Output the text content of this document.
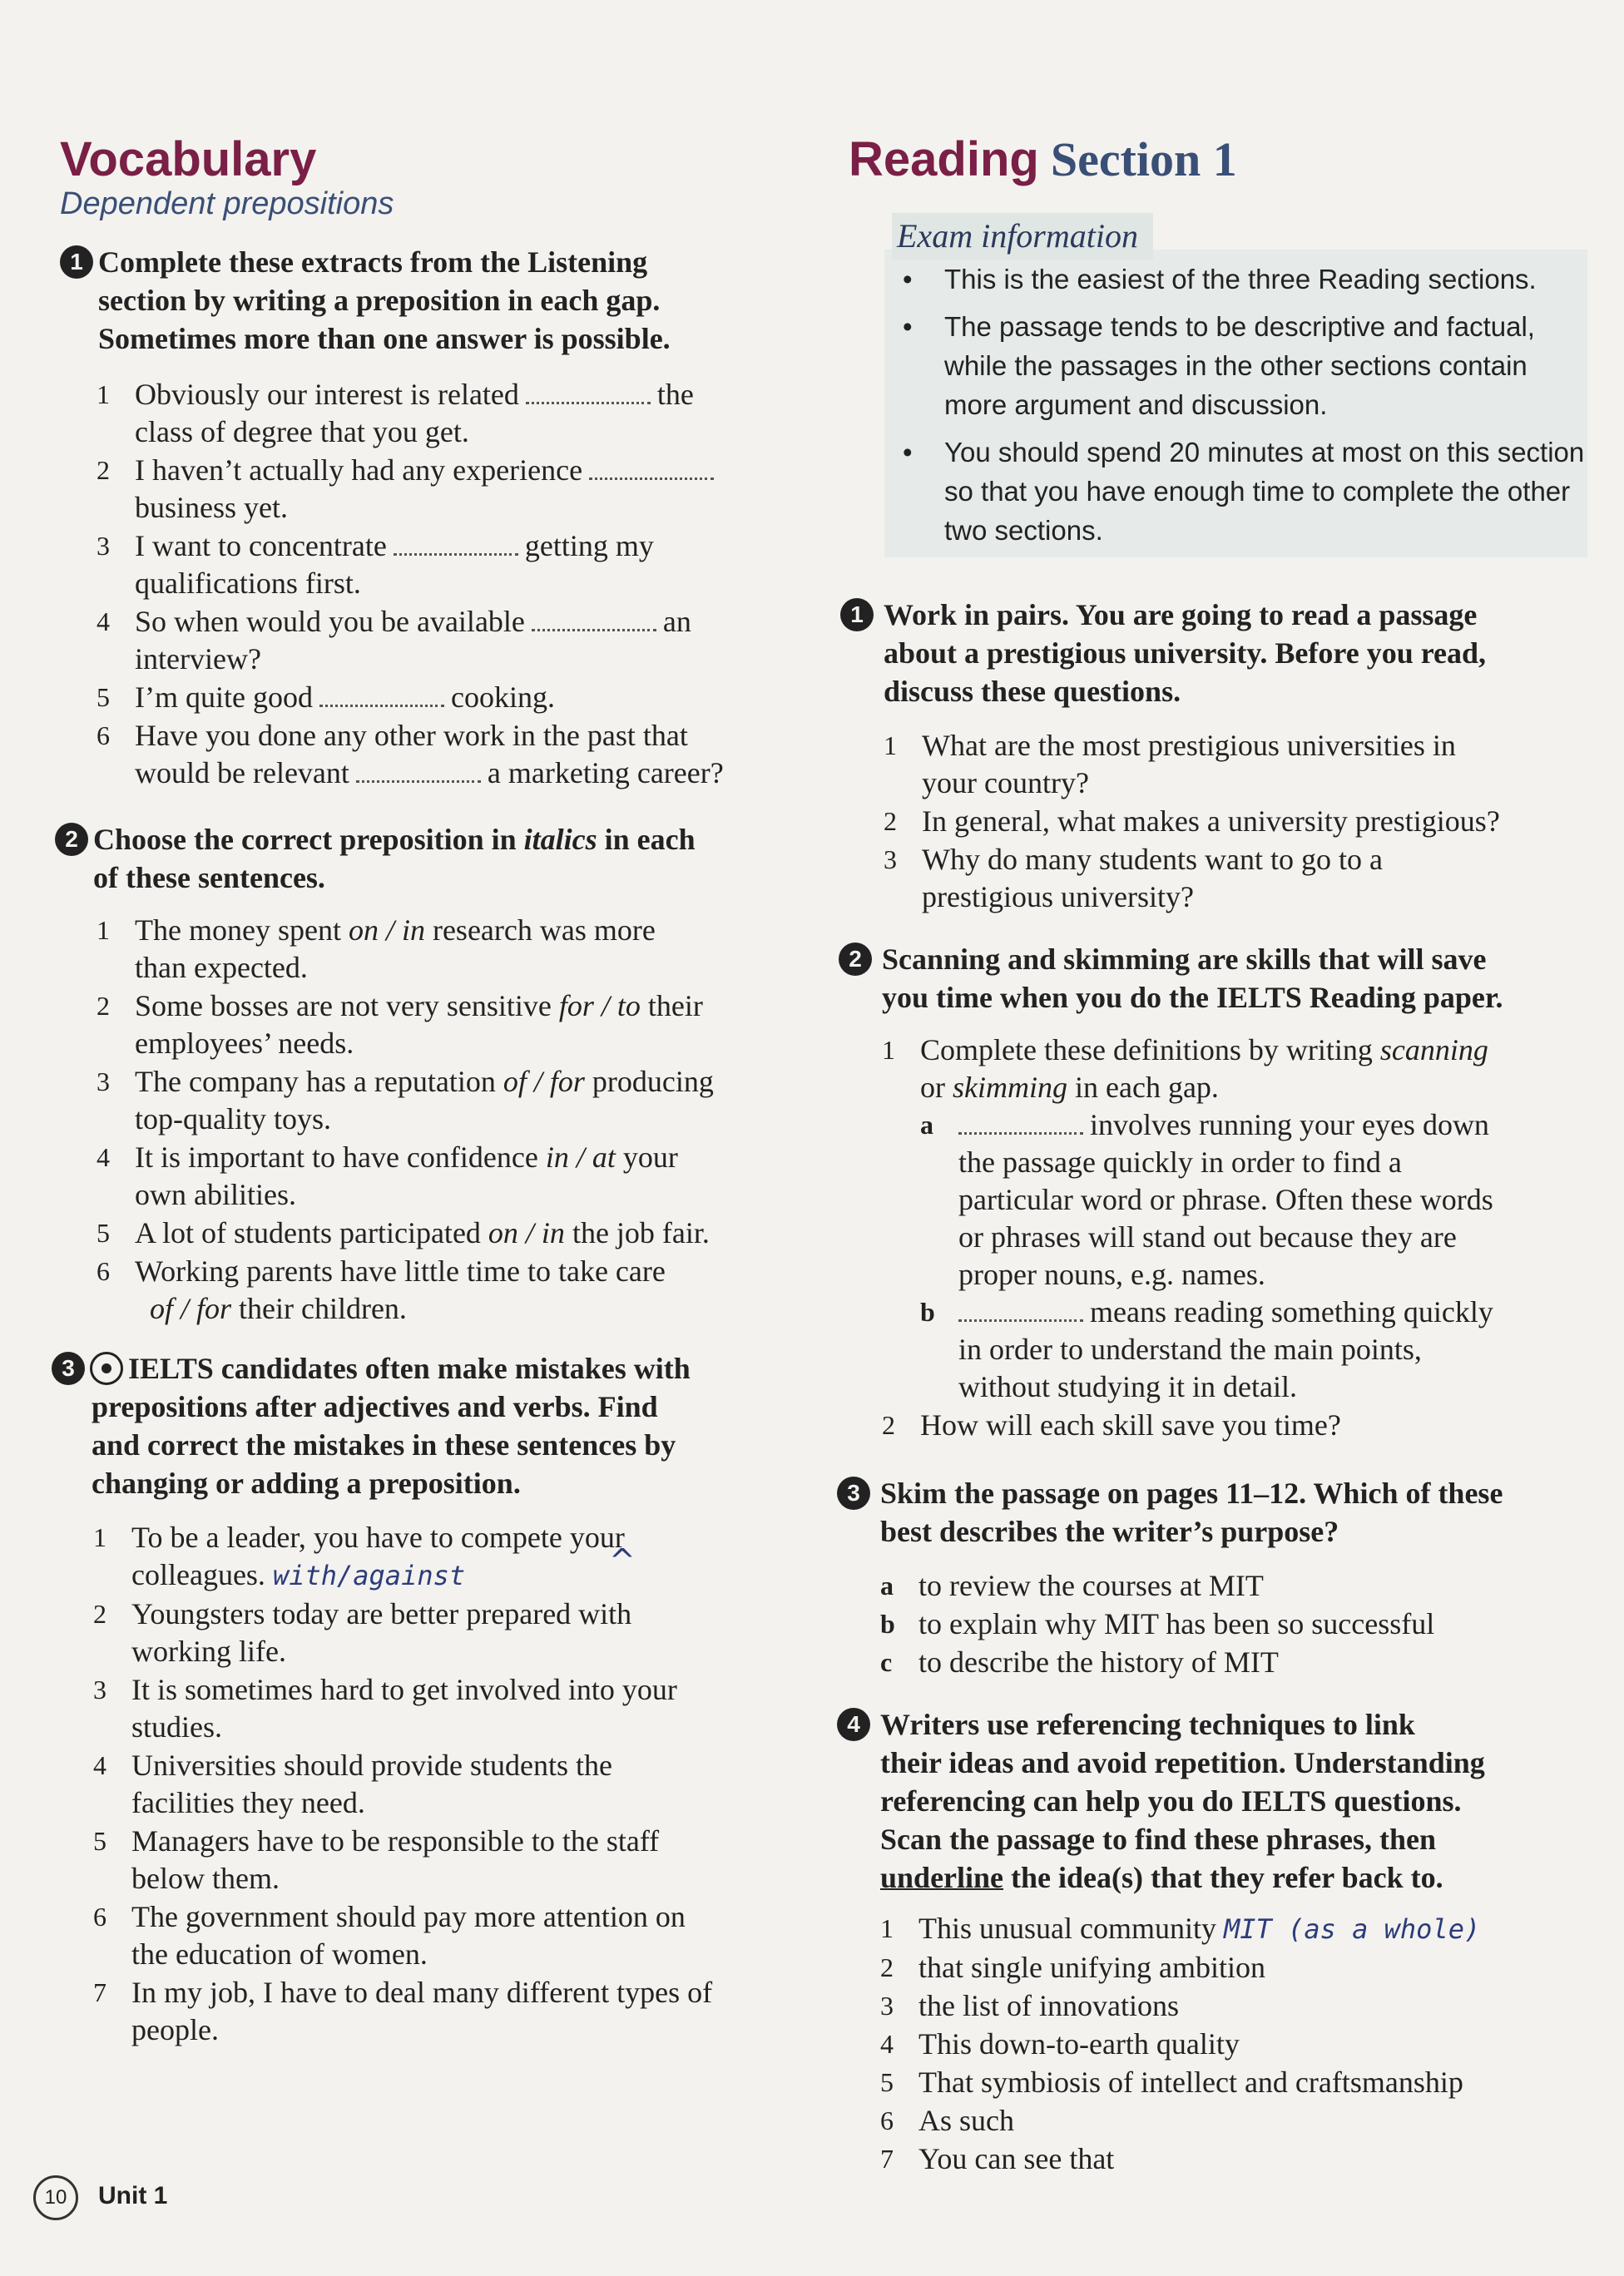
Vocabulary
Dependent prepositions
1 Complete these extracts from the Listening
section by writing a preposition in each gap.
Sometimes more than one answer is possible.
1 Obviously our interest is related	the
class of degree that you get.
2 I haven’t actually had any experience
business yet.
3 I want to concentrate	getting my
qualifications first.
4 So when would you be available	an
interview?
5 I’m quite good	cooking.
6 Have you done any other work in the past that
would be relevant	a marketing career?
2 Choose the correct preposition in italics in each
of these sentences.
1 The money spent on / in research was more
than expected.
2 Some bosses are not very sensitive for / to their
employees’ needs.
3 The company has a reputation of / for producing
top-quality toys.
4 It is important to have confidence in / at your
own abilities.
5 A lot of students participated on / in the job fair.
6 Working parents have little time to take care
of / for their children.
3	IELTS candidates often make mistakes with
prepositions after adjectives and verbs. Find
and correct the mistakes in these sentences by
changing or adding a preposition.
1 To be a leader, you have to compete your
colleagues. with/against	^
2 Youngsters today are better prepared with
working life.
3 It is sometimes hard to get involved into your
studies.
4 Universities should provide students the
facilities they need.
5 Managers have to be responsible to the staff
below them.
6 The government should pay more attention on
the education of women.
7 In my job, I have to deal many different types of
people.
Reading Section 1
Exam information
• This is the easiest of the three Reading sections.
• The passage tends to be descriptive and factual, while the passages in the other sections contain more argument and discussion.
• You should spend 20 minutes at most on this section so that you have enough time to complete the other two sections.
1 Work in pairs. You are going to read a passage
about a prestigious university. Before you read,
discuss these questions.
1 What are the most prestigious universities in
your country?
2 In general, what makes a university prestigious?
3 Why do many students want to go to a
prestigious university?
2 Scanning and skimming are skills that will save
you time when you do the IELTS Reading paper.
1 Complete these definitions by writing scanning
or skimming in each gap.
a	involves running your eyes down
the passage quickly in order to find a
particular word or phrase. Often these words
or phrases will stand out because they are
proper nouns, e.g. names.
b	means reading something quickly
in order to understand the main points,
without studying it in detail.
2 How will each skill save you time?
3 Skim the passage on pages 11–12. Which of these
best describes the writer’s purpose?
a to review the courses at MIT
b to explain why MIT has been so successful
c to describe the history of MIT
4 Writers use referencing techniques to link
their ideas and avoid repetition. Understanding
referencing can help you do IELTS questions.
Scan the passage to find these phrases, then
underline the idea(s) that they refer back to.
1 This unusual community MIT (as a whole)
2 that single unifying ambition
3 the list of innovations
4 This down-to-earth quality
5 That symbiosis of intellect and craftsmanship
6 As such
7 You can see that
10	Unit 1
